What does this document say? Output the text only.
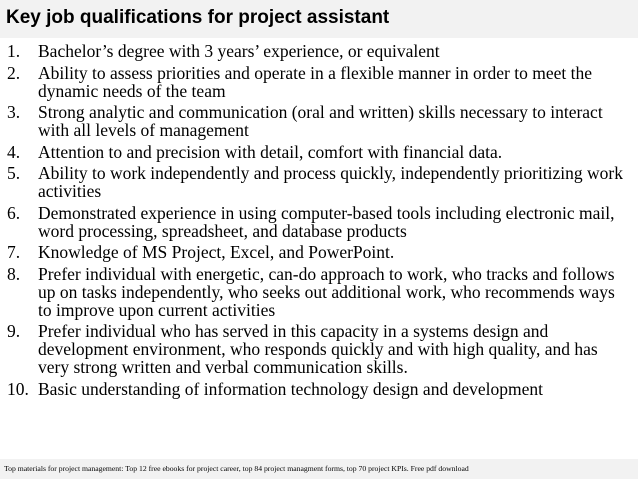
Key job qualifications for project assistant
1. Bachelor’s degree with 3 years’ experience, or equivalent
2. Ability to assess priorities and operate in a flexible manner in order to meet the dynamic needs of the team
3. Strong analytic and communication (oral and written) skills necessary to interact with all levels of management
4. Attention to and precision with detail, comfort with financial data.
5. Ability to work independently and process quickly, independently prioritizing work activities
6. Demonstrated experience in using computer-based tools including electronic mail, word processing, spreadsheet, and database products
7. Knowledge of MS Project, Excel, and PowerPoint.
8. Prefer individual with energetic, can-do approach to work, who tracks and follows up on tasks independently, who seeks out additional work, who recommends ways to improve upon current activities
9. Prefer individual who has served in this capacity in a systems design and development environment, who responds quickly and with high quality, and has very strong written and verbal communication skills.
10. Basic understanding of information technology design and development
Top materials for project management: Top 12 free ebooks for project career, top 84 project managment forms, top 70 project KPIs. Free pdf download
